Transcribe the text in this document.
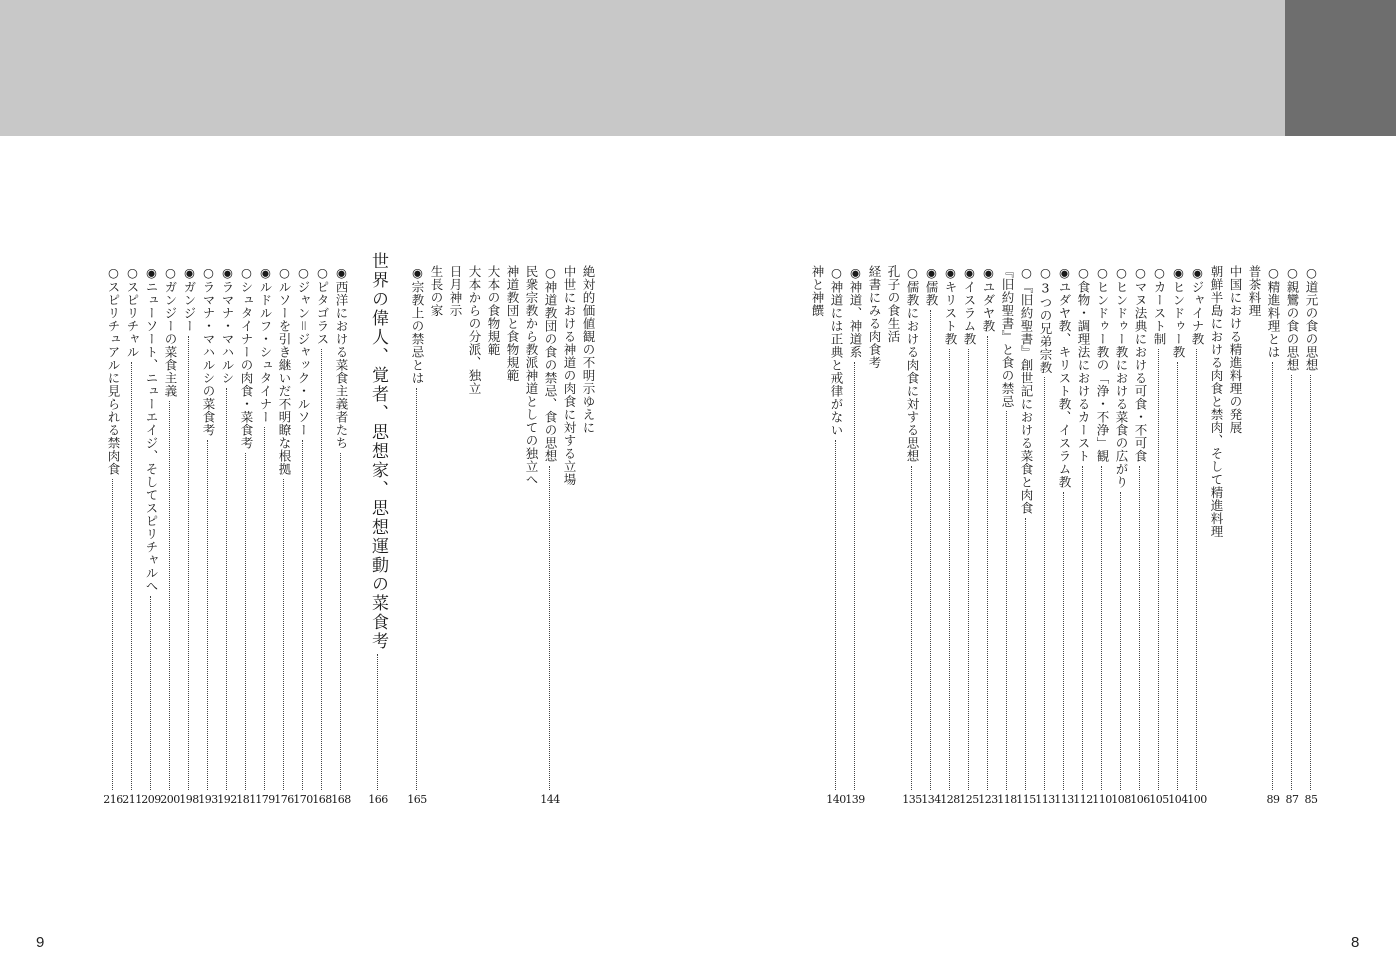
○道元の食の思想
85
○親鸞の食の思想
87
○精進料理とは
89
普茶料理
中国における精進料理の発展
朝鮮半島における肉食と禁肉、そして精進料理
◉ジャイナ教
100
◉ヒンドゥー教
104
○カースト制
105
○マヌ法典における可食・不可食
106
○ヒンドゥー教における菜食の広がり
108
○ヒンドゥー教の「浄・不浄」観
110
○食物・調理法におけるカースト
112
◉ユダヤ教、キリスト教、イスラム教
113
○3つの兄弟宗教
113
○『旧約聖書』創世記における菜食と肉食
115
『旧約聖書』と食の禁忌
118
◉ユダヤ教
123
◉イスラム教
125
◉キリスト教
128
◉儒教
134
○儒教における肉食に対する思想
135
孔子の食生活
経書にみる肉食考
◉神道、神道系
139
○神道には正典と戒律がない
140
神と神饌
絶対的価値観の不明示ゆえに
中世における神道の肉食に対する立場
○神道教団の食の禁忌、食の思想
144
民衆宗教から教派神道としての独立へ
神道教団と食物規範
大本の食物規範
大本からの分派、独立
日月神示
生長の家
◉宗教上の禁忌とは
165
世界の偉人、覚者、思想家、思想運動の菜食考
166
◉西洋における菜食主義者たち
168
○ピタゴラス
168
○ジャン＝ジャック・ルソー
170
○ルソーを引き継いだ不明瞭な根拠
176
◉ルドルフ・シュタイナー
179
○シュタイナーの肉食・菜食考
181
◉ラマナ・マハルシ
192
○ラマナ・マハルシの菜食考
193
◉ガンジー
198
○ガンジーの菜食主義
200
◉ニューソート、ニューエイジ、そしてスピリチャルへ
209
○スピリチャル
211
○スピリチュアルに見られる禁肉食
216
9	8
